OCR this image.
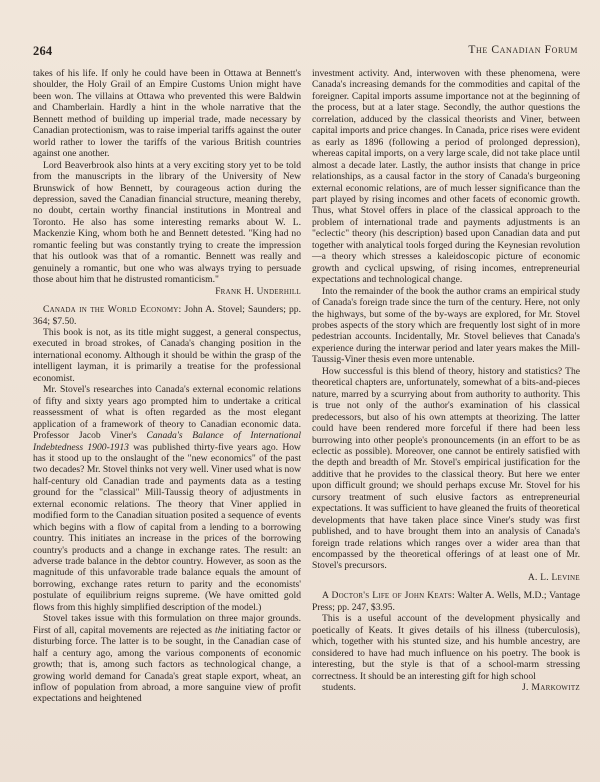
264	The Canadian Forum

takes of his life. If only he could have been in Ottawa at Bennett's shoulder, the Holy Grail of an Empire Customs Union might have been won. The villains at Ottawa who prevented this were Baldwin and Chamberlain. Hardly a hint in the whole narrative that the Bennett method of building up imperial trade, made necessary by Canadian protectionism, was to raise imperial tariffs against the outer world rather to lower the tariffs of the various British countries against one another.

Lord Beaverbrook also hints at a very exciting story yet to be told from the manuscripts in the library of the University of New Brunswick of how Bennett, by courageous action during the depression, saved the Canadian financial structure, meaning thereby, no doubt, certain worthy financial institutions in Montreal and Toronto. He also has some interesting remarks about W. L. Mackenzie King, whom both he and Bennett detested. "King had no romantic feeling but was constantly trying to create the impression that his outlook was that of a romantic. Bennett was really and genuinely a romantic, but one who was always trying to persuade those about him that he distrusted romanticism."

Frank H. Underhill

Canada in the World Economy: John A. Stovel; Saunders; pp. 364; $7.50.

This book is not, as its title might suggest, a general conspectus, executed in broad strokes, of Canada's changing position in the international economy. Although it should be within the grasp of the intelligent layman, it is primarily a treatise for the professional economist.

Mr. Stovel's researches into Canada's external economic relations of fifty and sixty years ago prompted him to undertake a critical reassessment of what is often regarded as the most elegant application of a framework of theory to Canadian economic data. Professor Jacob Viner's Canada's Balance of International Indebtedness 1900-1913 was published thirty-five years ago. How has it stood up to the onslaught of the "new economics" of the past two decades? Mr. Stovel thinks not very well. Viner used what is now half-century old Canadian trade and payments data as a testing ground for the "classical" Mill-Taussig theory of adjustments in external economic relations. The theory that Viner applied in modified form to the Canadian situation posited a sequence of events which begins with a flow of capital from a lending to a borrowing country. This initiates an increase in the prices of the borrowing country's products and a change in exchange rates. The result: an adverse trade balance in the debtor country. However, as soon as the magnitude of this unfavorable trade balance equals the amount of borrowing, exchange rates return to parity and the economists' postulate of equilibrium reigns supreme. (We have omitted gold flows from this highly simplified description of the model.)

Stovel takes issue with this formulation on three major grounds. First of all, capital movements are rejected as the initiating factor or disturbing force. The latter is to be sought, in the Canadian case of half a century ago, among the various components of economic growth; that is, among such factors as technological change, a growing world demand for Canada's great staple export, wheat, an inflow of population from abroad, a more sanguine view of profit expectations and heightened

investment activity. And, interwoven with these phenomena, were Canada's increasing demands for the commodities and capital of the foreigner. Capital imports assume importance not at the beginning of the process, but at a later stage. Secondly, the author questions the correlation, adduced by the classical theorists and Viner, between capital imports and price changes. In Canada, price rises were evident as early as 1896 (following a period of prolonged depression), whereas capital imports, on a very large scale, did not take place until almost a decade later. Lastly, the author insists that change in price relationships, as a causal factor in the story of Canada's burgeoning external economic relations, are of much lesser significance than the part played by rising incomes and other facets of economic growth. Thus, what Stovel offers in place of the classical approach to the problem of international trade and payments adjustments is an "eclectic" theory (his description) based upon Canadian data and put together with analytical tools forged during the Keynesian revolution—a theory which stresses a kaleidoscopic picture of economic growth and cyclical upswing, of rising incomes, entrepreneurial expectations and technological change.

Into the remainder of the book the author crams an empirical study of Canada's foreign trade since the turn of the century. Here, not only the highways, but some of the by-ways are explored, for Mr. Stovel probes aspects of the story which are frequently lost sight of in more pedestrian accounts. Incidentally, Mr. Stovel believes that Canada's experience during the interwar period and later years makes the Mill-Taussig-Viner thesis even more untenable.

How successful is this blend of theory, history and statistics? The theoretical chapters are, unfortunately, somewhat of a bits-and-pieces nature, marred by a scurrying about from authority to authority. This is true not only of the author's examination of his classical predecessors, but also of his own attempts at theorizing. The latter could have been rendered more forceful if there had been less burrowing into other people's pronouncements (in an effort to be as eclectic as possible). Moreover, one cannot be entirely satisfied with the depth and breadth of Mr. Stovel's empirical justification for the additive that he provides to the classical theory. But here we enter upon difficult ground; we should perhaps excuse Mr. Stovel for his cursory treatment of such elusive factors as entrepreneurial expectations. It was sufficient to have gleaned the fruits of theoretical developments that have taken place since Viner's study was first published, and to have brought them into an analysis of Canada's foreign trade relations which ranges over a wider area than that encompassed by the theoretical offerings of at least one of Mr. Stovel's precursors.

A. L. Levine

A Doctor's Life of John Keats: Walter A. Wells, M.D.; Vantage Press; pp. 247, $3.95.

This is a useful account of the development physically and poetically of Keats. It gives details of his illness (tuberculosis), which, together with his stunted size, and his humble ancestry, are considered to have had much influence on his poetry. The book is interesting, but the style is that of a school-marm stressing correctness. It should be an interesting gift for high school

students.	J. Markowitz
